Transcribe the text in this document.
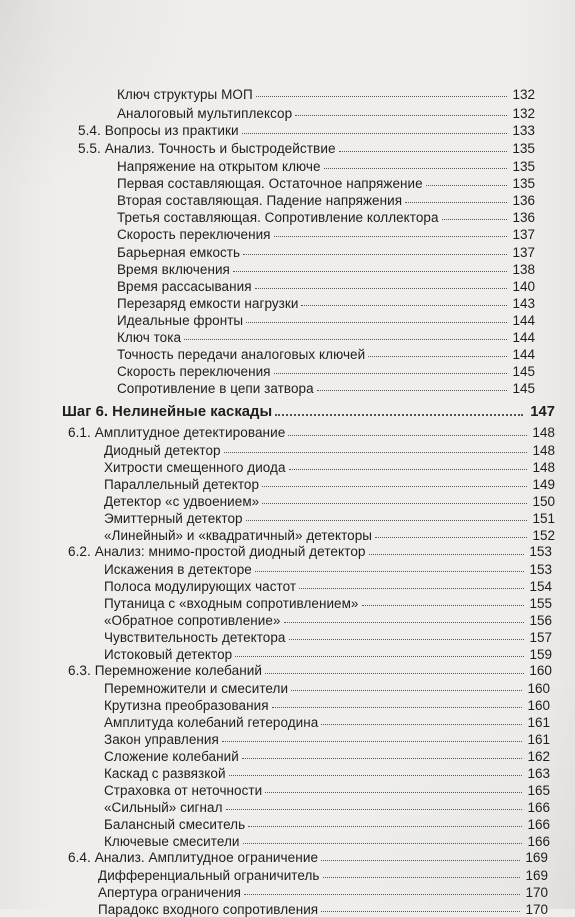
Ключ структуры МОП	132
Аналоговый мультиплексор	132
5.4. Вопросы из практики	133
5.5. Анализ. Точность и быстродействие	135
Напряжение на открытом ключе	135
Первая составляющая. Остаточное напряжение	135
Вторая составляющая. Падение напряжения	136
Третья составляющая. Сопротивление коллектора	136
Скорость переключения	137
Барьерная емкость	137
Время включения	138
Время рассасывания	140
Перезаряд емкости нагрузки	143
Идеальные фронты	144
Ключ тока	144
Точность передачи аналоговых ключей	144
Скорость переключения	145
Сопротивление в цепи затвора	145
Шаг 6. Нелинейные каскады	147
6.1. Амплитудное детектирование	148
Диодный детектор	148
Хитрости смещенного диода	148
Параллельный детектор	149
Детектор «с удвоением»	150
Эмиттерный детектор	151
«Линейный» и «квадратичный» детекторы	152
6.2. Анализ: мнимо-простой диодный детектор	153
Искажения в детекторе	153
Полоса модулирующих частот	154
Путаница с «входным сопротивлением»	155
«Обратное сопротивление»	156
Чувствительность детектора	157
Истоковый детектор	159
6.3. Перемножение колебаний	160
Перемножители и смесители	160
Крутизна преобразования	160
Амплитуда колебаний гетеродина	161
Закон управления	161
Сложение колебаний	162
Каскад с развязкой	163
Страховка от неточности	165
«Сильный» сигнал	166
Балансный смеситель	166
Ключевые смесители	166
6.4. Анализ. Амплитудное ограничение	169
Дифференциальный ограничитель	169
Апертура ограничения	170
Парадокс входного сопротивления	170
